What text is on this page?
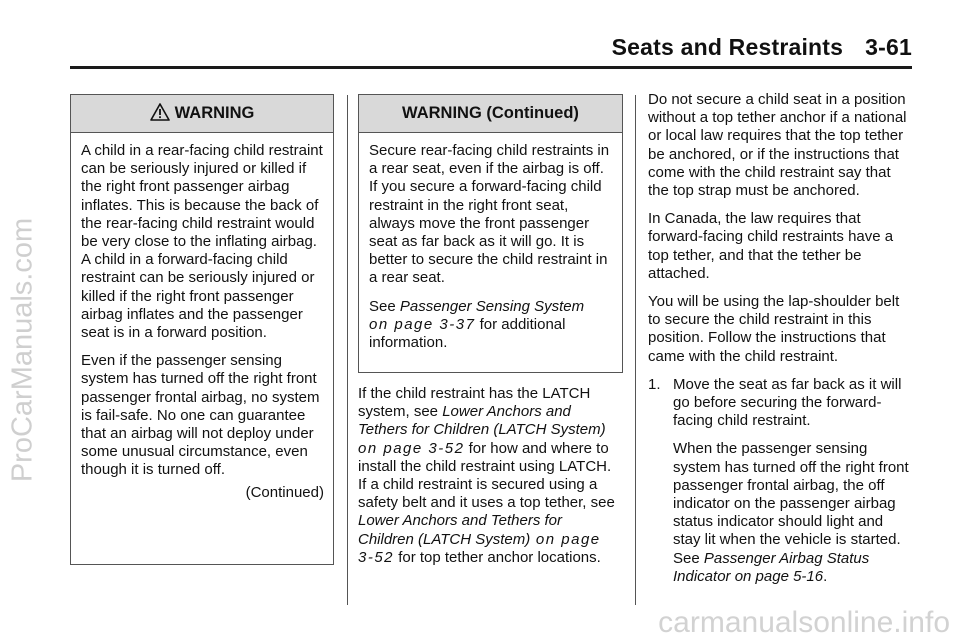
Seats and Restraints 3-61
ProCarManuals.com
WARNING

A child in a rear-facing child restraint can be seriously injured or killed if the right front passenger airbag inflates. This is because the back of the rear-facing child restraint would be very close to the inflating airbag. A child in a forward-facing child restraint can be seriously injured or killed if the right front passenger airbag inflates and the passenger seat is in a forward position.

Even if the passenger sensing system has turned off the right front passenger frontal airbag, no system is fail-safe. No one can guarantee that an airbag will not deploy under some unusual circumstance, even though it is turned off.

(Continued)

WARNING (Continued)

Secure rear-facing child restraints in a rear seat, even if the airbag is off. If you secure a forward-facing child restraint in the right front seat, always move the front passenger seat as far back as it will go. It is better to secure the child restraint in a rear seat.

See Passenger Sensing System
on page 3-37 for additional information.

If the child restraint has the LATCH system, see Lower Anchors and Tethers for Children (LATCH System) on page 3-52 for how and where to install the child restraint using LATCH. If a child restraint is secured using a safety belt and it uses a top tether, see Lower Anchors and Tethers for Children (LATCH System) on page 3-52 for top tether anchor locations.

Do not secure a child seat in a position without a top tether anchor if a national or local law requires that the top tether be anchored, or if the instructions that come with the child restraint say that the top strap must be anchored.

In Canada, the law requires that forward-facing child restraints have a top tether, and that the tether be attached.

You will be using the lap-shoulder belt to secure the child restraint in this position. Follow the instructions that came with the child restraint.

1. Move the seat as far back as it will go before securing the forward-facing child restraint.

When the passenger sensing system has turned off the right front passenger frontal airbag, the off indicator on the passenger airbag status indicator should light and stay lit when the vehicle is started. See Passenger Airbag Status Indicator on page 5-16.

carmanualsonline.info
